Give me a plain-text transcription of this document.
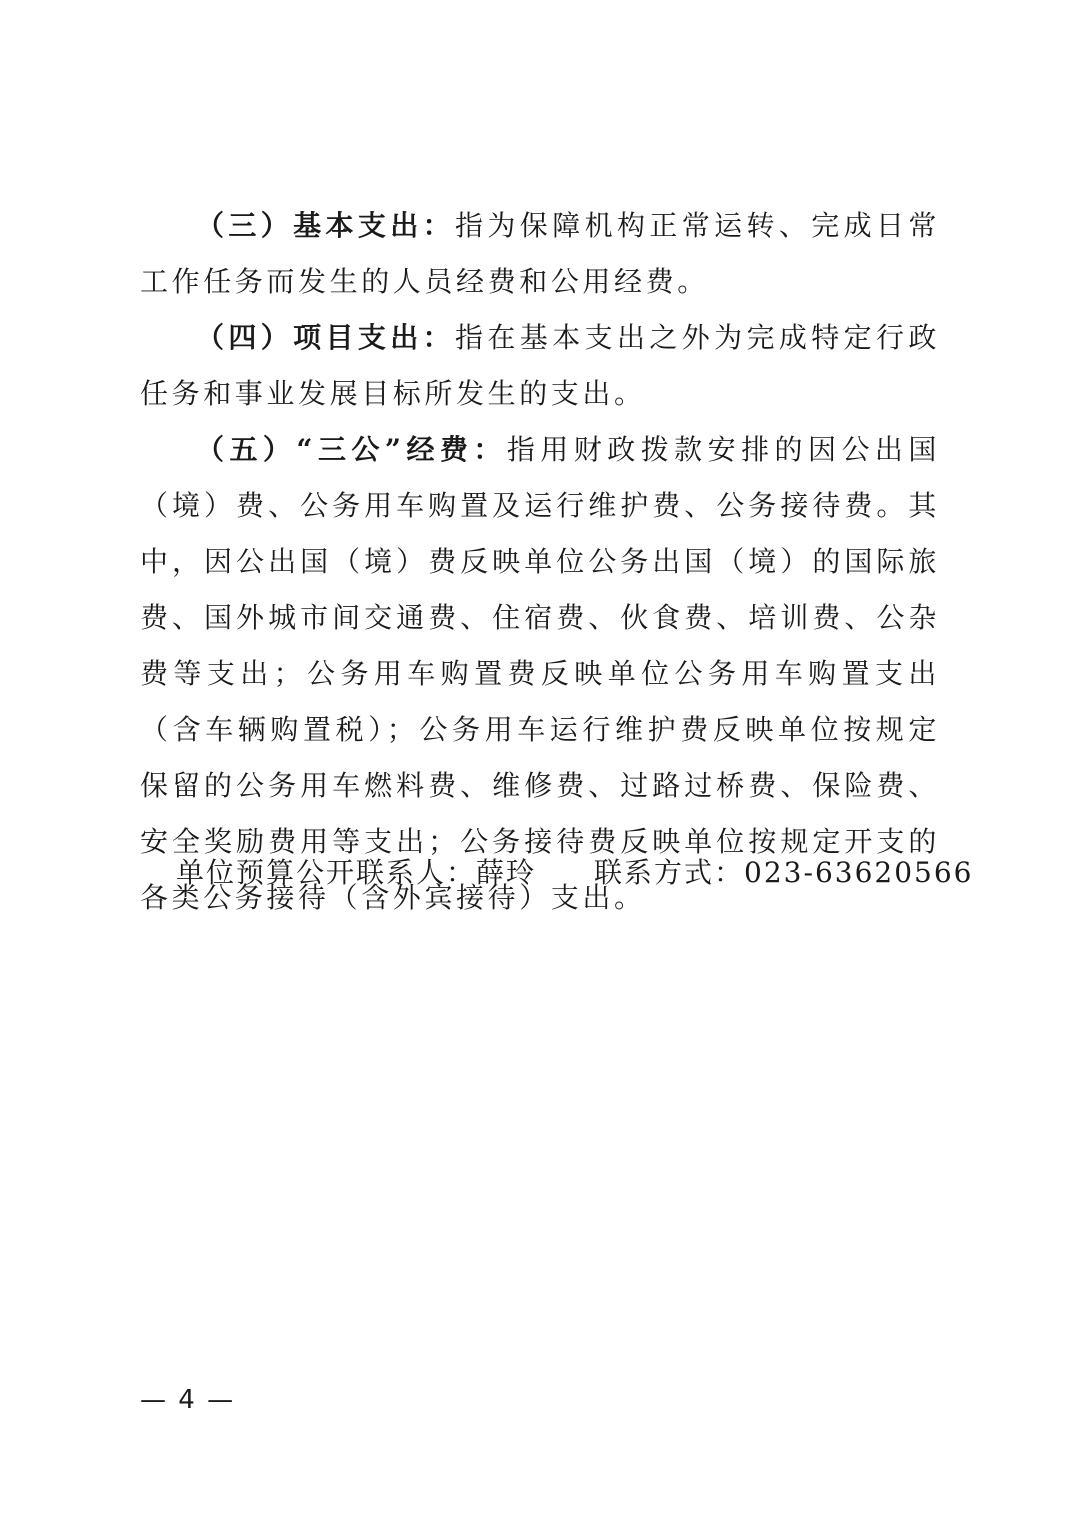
（三）基本支出：指为保障机构正常运转、完成日常工作任务而发生的人员经费和公用经费。

（四）项目支出：指在基本支出之外为完成特定行政任务和事业发展目标所发生的支出。

（五）“三公”经费：指用财政拨款安排的因公出国（境）费、公务用车购置及运行维护费、公务接待费。其中，因公出国（境）费反映单位公务出国（境）的国际旅费、国外城市间交通费、住宿费、伙食费、培训费、公杂费等支出；公务用车购置费反映单位公务用车购置支出（含车辆购置税）；公务用车运行维护费反映单位按规定保留的公务用车燃料费、维修费、过路过桥费、保险费、安全奖励费用等支出；公务接待费反映单位按规定开支的各类公务接待（含外宾接待）支出。

单位预算公开联系人：薛玲 联系方式：023-63620566
— 4 —
